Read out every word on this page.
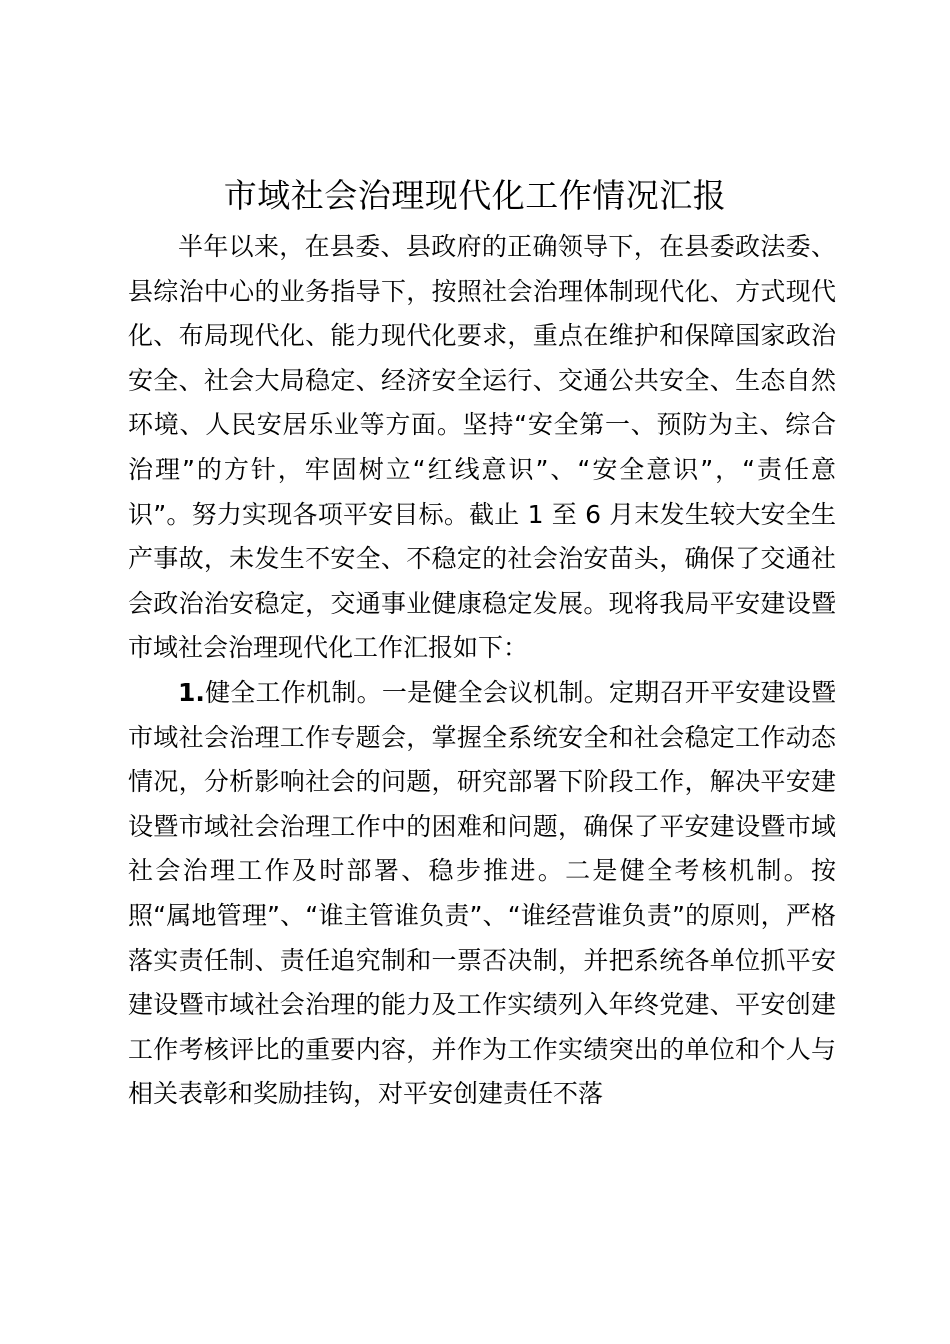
市域社会治理现代化工作情况汇报

半年以来，在县委、县政府的正确领导下，在县委政法委、县综治中心的业务指导下，按照社会治理体制现代化、方式现代化、布局现代化、能力现代化要求，重点在维护和保障国家政治安全、社会大局稳定、经济安全运行、交通公共安全、生态自然环境、人民安居乐业等方面。坚持“安全第一、预防为主、综合治理”的方针，牢固树立“红线意识”、“安全意识”，“责任意识”。努力实现各项平安目标。截止 1 至 6 月末发生较大安全生产事故，未发生不安全、不稳定的社会治安苗头，确保了交通社会政治治安稳定，交通事业健康稳定发展。现将我局平安建设暨市域社会治理现代化工作汇报如下：

1.健全工作机制。一是健全会议机制。定期召开平安建设暨市域社会治理工作专题会，掌握全系统安全和社会稳定工作动态情况，分析影响社会的问题，研究部署下阶段工作，解决平安建设暨市域社会治理工作中的困难和问题，确保了平安建设暨市域社会治理工作及时部署、稳步推进。二是健全考核机制。按照“属地管理”、“谁主管谁负责”、“谁经营谁负责”的原则，严格落实责任制、责任追究制和一票否决制，并把系统各单位抓平安建设暨市域社会治理的能力及工作实绩列入年终党建、平安创建工作考核评比的重要内容，并作为工作实绩突出的单位和个人与相关表彰和奖励挂钩，对平安创建责任不落
